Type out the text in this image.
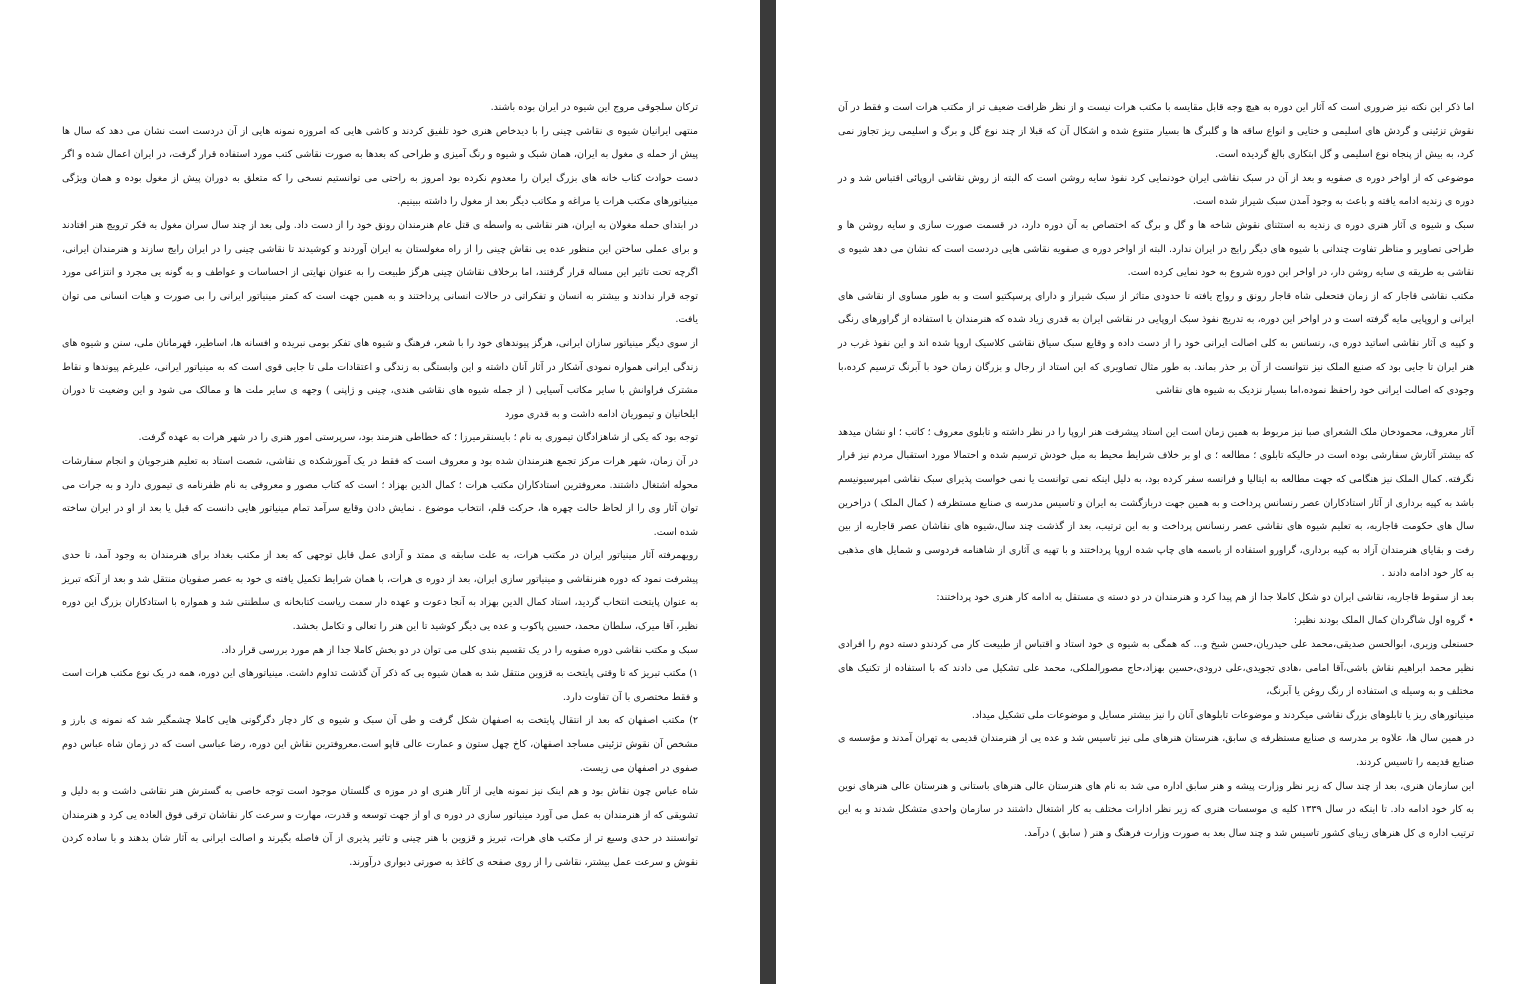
ترکان سلجوقی مروج این شیوه در ایران بوده باشند.

منتهی ایرانیان شیوه ی نقاشی چینی را با دیدخاص هنری خود تلفیق کردند و کاشی هایی که امروزه نمونه هایی از آن دردست است نشان می دهد که سال ها پیش از حمله ی مغول به ایران، همان شبک و شیوه و رنگ آمیزی و طراحی که بعدها به صورت نقاشی کتب مورد استفاده قرار گرفت، در ایران اعمال شده و اگر دست حوادث کتاب خانه های بزرگ ایران را معدوم نکرده بود امروز به راحتی می توانستیم نسخی را که متعلق به دوران پیش از مغول بوده و همان ویژگی مینیاتورهای مکتب هرات یا مراغه و مکاتب دیگر بعد از مغول را داشته ببینیم.

در ابتدای حمله مغولان به ایران، هنر نقاشی به واسطه ی قتل عام هنرمندان رونق خود را از دست داد. ولی بعد از چند سال سران مغول به فکر ترویج هنر افتادند و برای عملی ساختن این منظور عده یی نقاش چینی را از راه مغولستان به ایران آوردند و کوشیدند تا نقاشی چینی را در ایران رایج سازند و هنرمندان ایرانی، اگرچه تحت تاثیر این مساله قرار گرفتند، اما برخلاف نقاشان چینی هرگز طبیعت را به عنوان نهایتی از احساسات و عواطف و به گونه یی مجرد و انتزاعی مورد توجه قرار ندادند و بیشتر به انسان و تفکراتی در حالات انسانی پرداختند و به همین جهت است که کمتر مینیاتور ایرانی را بی صورت و هیات انسانی می توان یافت.

از سوی دیگر مینیاتور سازان ایرانی، هرگز پیوندهای خود را با شعر، فرهنگ و شیوه های تفکر بومی نبریده و افسانه ها، اساطیر، قهرمانان ملی، سنن و شیوه های زندگی ایرانی همواره نمودی آشکار در آثار آنان داشته و این وابستگی به زندگی و اعتقادات ملی تا جایی قوی است که به مینیاتور ایرانی، علیرغم پیوندها و نقاط مشترک فراوانش با سایر مکاتب آسیایی ( از جمله شیوه های نقاشی هندی، چینی و ژاپنی ) وجهه ی سایر ملت ها و ممالک می شود و این وضعیت تا دوران ایلخانیان و تیموریان ادامه داشت و به قدری مورد

توجه بود که یکی از شاهزادگان تیموری به نام ؛ بایسنقرمیرزا ؛ که خطاطی هنرمند بود، سرپرستی امور هنری را در شهر هرات به عهده گرفت.

در آن زمان، شهر هرات مرکز تجمع هنرمندان شده بود و معروف است که فقط در یک آموزشکده ی نقاشی، شصت استاد به تعلیم هنرجویان و انجام سفارشات محوله اشتغال داشتند. معروفترین استادکاران مکتب هرات ؛ کمال الدین بهزاد ؛ است که کتاب مصور و معروفی به نام ظفرنامه ی تیموری دارد و به جرات می توان آثار وی را از لحاظ حالت چهره ها، حرکت قلم، انتخاب موضوع . نمایش دادن وقایع سرآمد تمام مینیاتور هایی دانست که قبل یا بعد از او در ایران ساخته شده است.

رویهمرفته آثار مینیاتور ایران در مکتب هرات، به علت سابقه ی ممتد و آزادی عمل قابل توجهی که بعد از مکتب بغداد برای هنرمندان به وجود آمد، تا حدی پیشرفت نمود که دوره هنرنقاشی و مینیاتور سازی ایران، بعد از دوره ی هرات، با همان شرایط تکمیل یافته ی خود به عصر صفویان منتقل شد و بعد از آنکه تبریز به عنوان پایتخت انتخاب گردید، استاد کمال الدین بهزاد به آنجا دعوت و عهده دار سمت ریاست کتابخانه ی سلطنتی شد و همواره با استادکاران بزرگ این دوره نظیر، آقا میرک، سلطان محمد، حسین پاکوب و عده یی دیگر کوشید تا این هنر را تعالی و تکامل بخشد.

سبک و مکتب نقاشی دوره صفویه را در یک تقسیم بندی کلی می توان در دو بخش کاملا جدا از هم مورد بررسی قرار داد.

۱) مکتب تبریز که تا وقتی پایتخت به قزوین منتقل شد به همان شیوه یی که ذکر آن گذشت تداوم داشت. مینیاتورهای این دوره، همه در یک نوع مکتب هرات است و فقط مختصری با آن تفاوت دارد.

۲) مکتب اصفهان که بعد از انتقال پایتخت به اصفهان شکل گرفت و طی آن سبک و شیوه ی کار دچار دگرگونی هایی کاملا چشمگیر شد که نمونه ی بارز و مشخص آن نقوش تزئینی مساجد اصفهان، کاخ چهل ستون و عمارت عالی قاپو است.معروفترین نقاش این دوره، رضا عباسی است که در زمان شاه عباس دوم صفوی در اصفهان می زیست.

شاه عباس چون نقاش بود و هم اینک نیز نمونه هایی از آثار هنری او در موزه ی گلستان موجود است توجه خاصی به گسترش هنر نقاشی داشت و به دلیل و تشویقی که از هنرمندان به عمل می آورد مینیاتور سازی در دوره ی او از جهت توسعه و قدرت، مهارت و سرعت کار نقاشان ترقی فوق العاده یی کرد و هنرمندان توانستند در حدی وسیع تر از مکتب های هرات، تبریز و قزوین با هنر چینی و تاثیر پذیری از آن فاصله بگیرند و اصالت ایرانی به آثار شان بدهند و با ساده کردن نقوش و سرعت عمل بیشتر، نقاشی را از روی صفحه ی کاغذ به صورتی دیواری درآورند.

اما ذکر این نکته نیز ضروری است که آثار این دوره به هیچ وجه قابل مقایسه با مکتب هرات نیست و از نظر ظرافت ضعیف تر از مکتب هرات است و فقط در آن نقوش تزئینی و گردش های اسلیمی و ختایی و انواع ساقه ها و گلبرگ ها بسیار متنوع شده و اشکال آن که قبلا از چند نوع گل و برگ و اسلیمی ریز تجاوز نمی کرد، به بیش از پنجاه نوع اسلیمی و گل ابتکاری بالغ گردیده است.

موضوعی که از اواخر دوره ی صفویه و بعد از آن در سبک نقاشی ایران خودنمایی کرد نفوذ سایه روشن است که البته از روش نقاشی اروپائی اقتباس شد و در دوره ی زندیه ادامه یافته و باعث به وجود آمدن سبک شیراز شده است.

سبک و شیوه ی آثار هنری دوره ی زندیه به استثنای نقوش شاخه ها و گل و برگ که اختصاص به آن دوره دارد، در قسمت صورت سازی و سایه روشن ها و طراحی تصاویر و مناظر تفاوت چندانی با شیوه های دیگر رایج در ایران ندارد. البته از اواخر دوره ی صفویه نقاشی هایی دردست است که نشان می دهد شیوه ی نقاشی به طریقه ی سایه روشن دار، در اواخر این دوره شروع به خود نمایی کرده است.

مکتب نقاشی قاجار که از زمان فتحعلی شاه قاجار رونق و رواج یافته تا حدودی متاثر از سبک شیراز و دارای پرسپکتیو است و به طور مساوی از نقاشی های ایرانی و اروپایی مایه گرفته است و در اواخر این دوره، به تدریج نفوذ سبک اروپایی در نقاشی ایران به قدری زیاد شده که هنرمندان با استفاده از گراورهای رنگی و کپیه ی آثار نقاشی اساتید دوره ی، رنسانس به کلی اصالت ایرانی خود را از دست داده و وقایع سبک سیاق نقاشی کلاسیک اروپا شده اند و این نفوذ غرب در هنر ایران تا جایی بود که صنیع الملک نیز نتوانست از آن بر حذر بماند. به طور مثال تصاویری که این استاد از رجال و بزرگان زمان خود با آبرنگ ترسیم کرده،با وجودی که اصالت ایرانی خود راحفظ نموده،اما بسیار نزدیک به شیوه های نقاشی

آثار معروف، محمودخان ملک الشعرای صبا نیز مربوط به همین زمان است این استاد پیشرفت هنر اروپا را در نظر داشته و تابلوی معروف ؛ کاتب ؛ او نشان میدهد که بیشتر آثارش سفارشی بوده است در حالیکه تابلوی ؛ مطالعه ؛ ی او بر خلاف شرایط محیط به میل خودش ترسیم شده و احتمالا مورد استقبال مردم نیز قرار نگرفته. کمال الملک نیز هنگامی که جهت مطالعه به ایتالیا و فرانسه سفر کرده بود، به دلیل اینکه نمی توانست یا نمی خواست پذیرای سبک نقاشی امپرسیونیسم باشد به کپیه برداری از آثار استادکاران عصر رنسانس پرداخت و به همین جهت دربازگشت به ایران و تاسیس مدرسه ی صنایع مستظرفه ( کمال الملک ) دراخرین سال های حکومت قاجاریه، به تعلیم شیوه های نقاشی عصر رنسانس پرداخت و به این ترتیب، بعد از گذشت چند سال،شیوه های نقاشان عصر قاجاریه از بین رفت و بقایای هنرمندان آزاد به کپیه برداری، گراورو استفاده از باسمه های چاپ شده اروپا پرداختند و با تهیه ی آثاری از شاهنامه فردوسی و شمایل های مذهبی به کار خود ادامه دادند .

بعد از سقوط قاجاریه، نقاشی ایران دو شکل کاملا جدا از هم پیدا کرد و هنرمندان در دو دسته ی مستقل به ادامه کار هنری خود پرداختند:

• گروه اول شاگردان کمال الملک بودند نظیر:

حسنعلی وزیری، ابوالحسن صدیقی،محمد علی حیدریان،حسن شیخ و... که همگی به شیوه ی خود استاد و اقتباس از طبیعت کار می کردندو دسته دوم را افرادی نظیر محمد ابراهیم نقاش باشی،آقا امامی ،هادی تجویدی،علی درودی،حسین بهزاد،حاج مصورالملکی، محمد علی تشکیل می دادند که با استفاده از تکنیک های مختلف و به وسیله ی استفاده از رنگ روغن یا آبرنگ،

مینیاتورهای ریز یا تابلوهای بزرگ نقاشی میکردند و موضوعات تابلوهای آنان را نیز بیشتر مسایل و موضوعات ملی تشکیل میداد.

در همین سال ها، علاوه بر مدرسه ی صنایع مستظرفه ی سابق، هنرستان هنرهای ملی نیز تاسیس شد و عده یی از هنرمندان قدیمی به تهران آمدند و مؤسسه ی صنایع قدیمه را تاسیس کردند.

این سازمان هنری، بعد از چند سال که زیر نظر وزارت پیشه و هنر سابق اداره می شد به نام های هنرستان عالی هنرهای باستانی و هنرستان عالی هنرهای نوین به کار خود ادامه داد. تا اینکه در سال ۱۳۳۹ کلیه ی موسسات هنری که زیر نظر ادارات مختلف به کار اشتغال داشتند در سازمان واحدی متشکل شدند و به این ترتیب اداره ی کل هنرهای زیبای کشور تاسیس شد و چند سال بعد به صورت وزارت فرهنگ و هنر ( سابق ) درآمد.
